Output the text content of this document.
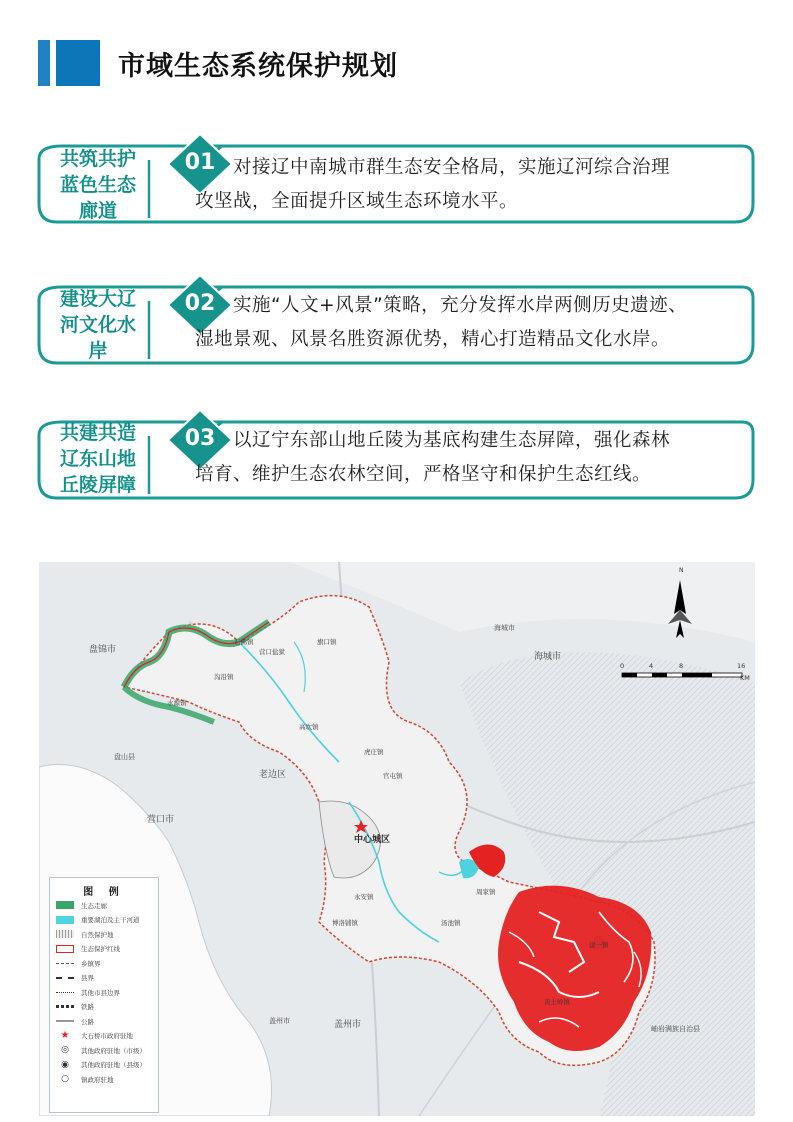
市域生态系统保护规划
共筑共护
蓝色生态
廊道
01 对接辽中南城市群生态安全格局，实施辽河综合治理
攻坚战，全面提升区域生态环境水平。
建设大辽
河文化水
岸
02 实施“人文+风景”策略，充分发挥水岸两侧历史遗迹、
湿地景观、风景名胜资源优势，精心打造精品文化水岸。
共建共造
辽东山地
丘陵屏障
03 以辽宁东部山地丘陵为基底构建生态屏障，强化森林
培育、维护生态农林空间，严格坚守和保护生态红线。
盘锦市
盘山县
老边区
营口市
海城市
海城市
盖州市	盖州市
中心城区
岫岩满族自治县
石佛镇
营口盐狱
旗口镇
沟沿镇
水源镇
高坎镇
虎庄镇
官屯镇
永安镇
博洛铺镇	汤池镇
周家镇
建一镇
黄土岭镇
N
0	4	8	16
KM
图 例
生态走廊
重要湖泊及主干河道
自然保护地
生态保护红线
乡镇界
县界
其他市县边界
铁路
公路
★	大石桥市政府驻地
◎	其他政府驻地（市级）
◉	其他政府驻地（县级）
○	镇政府驻地
